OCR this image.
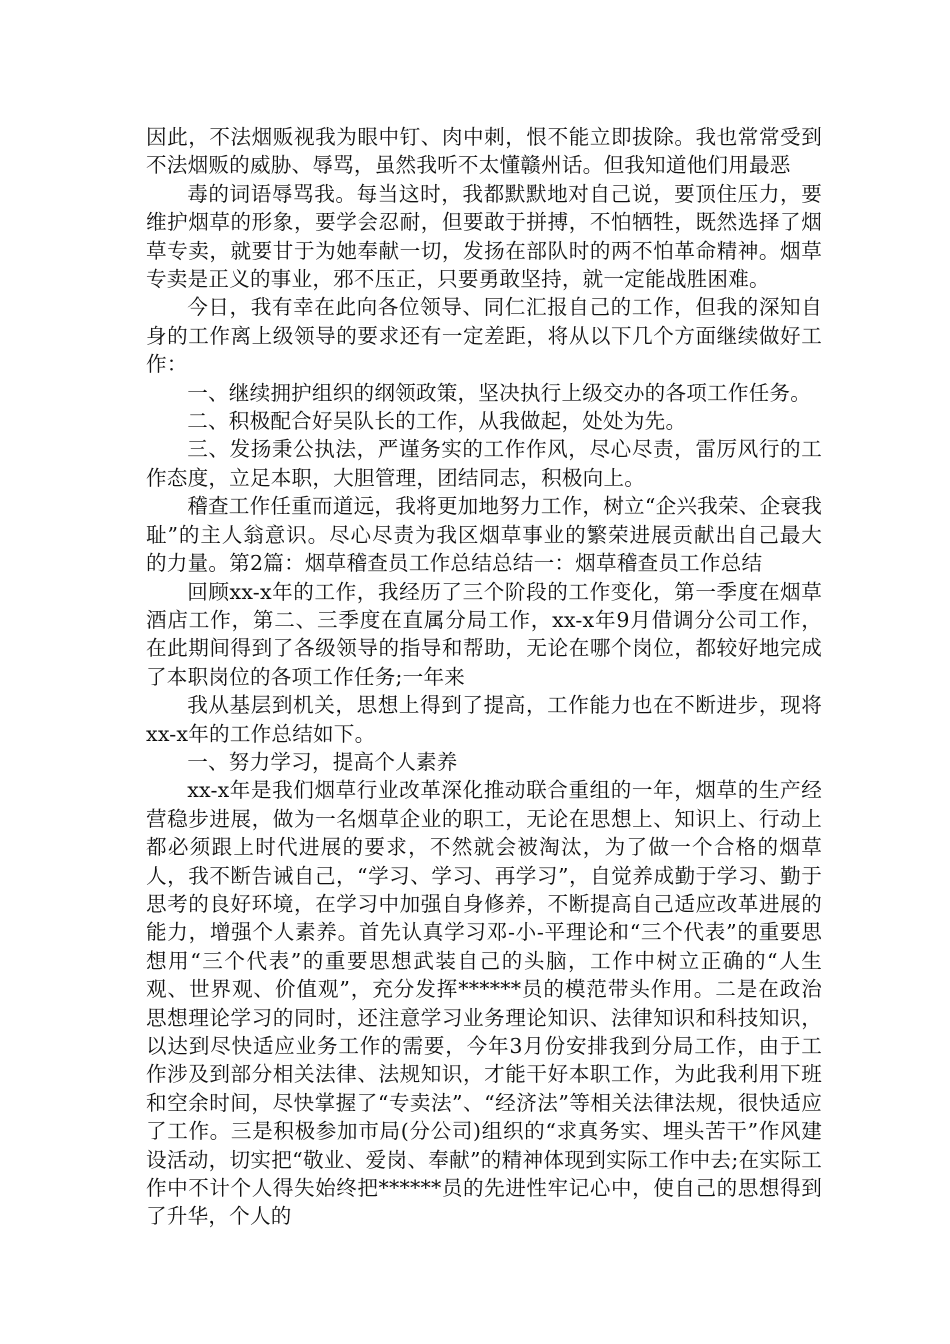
因此，不法烟贩视我为眼中钉、肉中刺，恨不能立即拔除。我也常常受到不法烟贩的威胁、辱骂，虽然我听不太懂赣州话。但我知道他们用最恶

毒的词语辱骂我。每当这时，我都默默地对自己说，要顶住压力，要维护烟草的形象，要学会忍耐，但要敢于拼搏，不怕牺牲，既然选择了烟草专卖，就要甘于为她奉献一切，发扬在部队时的两不怕革命精神。烟草专卖是正义的事业，邪不压正，只要勇敢坚持，就一定能战胜困难。

今日，我有幸在此向各位领导、同仁汇报自己的工作，但我的深知自身的工作离上级领导的要求还有一定差距，将从以下几个方面继续做好工作：

一、继续拥护组织的纲领政策，坚决执行上级交办的各项工作任务。

二、积极配合好吴队长的工作，从我做起，处处为先。

三、发扬秉公执法，严谨务实的工作作风，尽心尽责，雷厉风行的工作态度，立足本职，大胆管理，团结同志，积极向上。

稽查工作任重而道远，我将更加地努力工作，树立“企兴我荣、企衰我耻”的主人翁意识。尽心尽责为我区烟草事业的繁荣进展贡献出自己最大的力量。第2篇：烟草稽查员工作总结总结一：烟草稽查员工作总结

回顾xx-x年的工作，我经历了三个阶段的工作变化，第一季度在烟草酒店工作，第二、三季度在直属分局工作，xx-x年9月借调分公司工作，在此期间得到了各级领导的指导和帮助，无论在哪个岗位，都较好地完成了本职岗位的各项工作任务;一年来

我从基层到机关，思想上得到了提高，工作能力也在不断进步，现将xx-x年的工作总结如下。

一、努力学习，提高个人素养

xx-x年是我们烟草行业改革深化推动联合重组的一年，烟草的生产经营稳步进展，做为一名烟草企业的职工，无论在思想上、知识上、行动上都必须跟上时代进展的要求，不然就会被淘汰，为了做一个合格的烟草人，我不断告诫自己，“学习、学习、再学习”，自觉养成勤于学习、勤于思考的良好环境，在学习中加强自身修养，不断提高自己适应改革进展的能力，增强个人素养。首先认真学习邓-小-平理论和“三个代表”的重要思想用“三个代表”的重要思想武装自己的头脑，工作中树立正确的“人生观、世界观、价值观”，充分发挥******员的模范带头作用。二是在政治思想理论学习的同时，还注意学习业务理论知识、法律知识和科技知识，以达到尽快适应业务工作的需要，今年3月份安排我到分局工作，由于工作涉及到部分相关法律、法规知识，才能干好本职工作，为此我利用下班和空余时间，尽快掌握了“专卖法”、“经济法”等相关法律法规，很快适应了工作。三是积极参加市局(分公司)组织的“求真务实、埋头苦干”作风建设活动，切实把“敬业、爱岗、奉献”的精神体现到实际工作中去;在实际工作中不计个人得失始终把******员的先进性牢记心中，使自己的思想得到了升华，个人的
